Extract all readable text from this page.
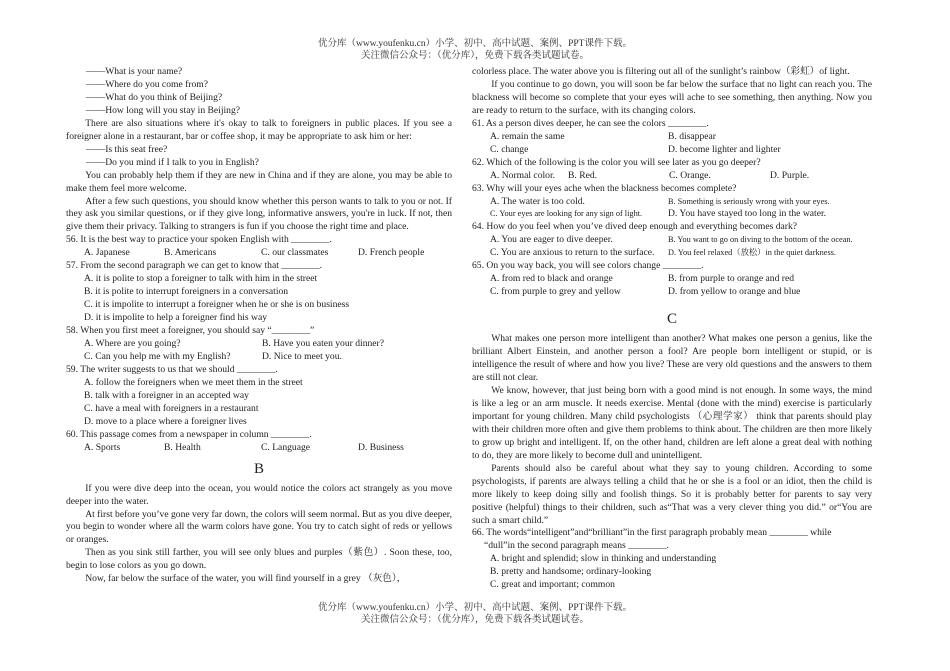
优分库（www.youfenku.cn）小学、初中、高中试题、案例、PPT课件下载。
关注微信公众号：（优分库），免费下载各类试题试卷。

——What is your name?

——Where do you come from?

——What do you think of Beijing?

——How long will you stay in Beijing?

There are also situations where it's okay to talk to foreigners in public places. If you see a foreigner alone in a restaurant, bar or coffee shop, it may be appropriate to ask him or her:

——Is this seat free?

——Do you mind if I talk to you in English?

You can probably help them if they are new in China and if they are alone, you may be able to make them feel more welcome.

After a few such questions, you should know whether this person wants to talk to you or not. If they ask you similar questions, or if they give long, informative answers, you're in luck. If not, then give them their privacy. Talking to strangers is fun if you choose the right time and place.

56. It is the best way to practice your spoken English with ________.

A. Japanese	B. Americans	C. our classmates	D. French people

57. From the second paragraph we can get to know that ________.

A. it is polite to stop a foreigner to talk with him in the street

B. it is polite to interrupt foreigners in a conversation

C. it is impolite to interrupt a foreigner when he or she is on business

D. it is impolite to help a foreigner find his way

58. When you first meet a foreigner, you should say “________”

A. Where are you going?	B. Have you eaten your dinner?
C. Can you help me with my English?	D. Nice to meet you.

59. The writer suggests to us that we should ________.

A. follow the foreigners when we meet them in the street

B. talk with a foreigner in an accepted way

C. have a meal with foreigners in a restaurant

D. move to a place where a foreigner lives

60. This passage comes from a newspaper in column ________.

A. Sports	B. Health	C. Language	D. Business
B

If you were dive deep into the ocean, you would notice the colors act strangely as you move deeper into the water.

At first before you’ve gone very far down, the colors will seem normal. But as you dive deeper, you begin to wonder where all the warm colors have gone. You try to catch sight of reds or yellows or oranges.

Then as you sink still farther, you will see only blues and purples（紫色）. Soon these, too, begin to lose colors as you go down.

Now, far below the surface of the water, you will find yourself in a grey （灰色），

colorless place. The water above you is filtering out all of the sunlight’s rainbow（彩虹）of light.

If you continue to go down, you will soon be far below the surface that no light can reach you. The blackness will become so complete that your eyes will ache to see something, then anything. Now you are ready to return to the surface, with its changing colors.

61. As a person dives deeper, he can see the colors ________.

A. remain the same	B. disappear
C. change	D. become lighter and lighter

62. Which of the following is the color you will see later as you go deeper?

A. Normal color.	B. Red.	C. Orange.	D. Purple.

63. Why will your eyes ache when the blackness becomes complete?

A. The water is too cold.	B. Something is seriously wrong with your eyes.
C. Your eyes are looking for any sign of light.	D. You have stayed too long in the water.

64. How do you feel when you’ve dived deep enough and everything becomes dark?

A. You are eager to dive deeper.	B. You want to go on diving to the bottom of the ocean.
C. You are anxious to return to the surface.	D. You feel relaxed（放松）in the quiet darkness.

65. On you way back, you will see colors change ________.

A. from red to black and orange	B. from purple to orange and red
C. from purple to grey and yellow	D. from yellow to orange and blue
C

What makes one person more intelligent than another? What makes one person a genius, like the brilliant Albert Einstein, and another person a fool? Are people born intelligent or stupid, or is intelligence the result of where and how you live? These are very old questions and the answers to them are still not clear.

We know, however, that just being born with a good mind is not enough. In some ways, the mind is like a leg or an arm muscle. It needs exercise. Mental (done with the mind) exercise is particularly important for young children. Many child psychologists （心理学家） think that parents should play with their children more often and give them problems to think about. The children are then more likely to grow up bright and intelligent. If, on the other hand, children are left alone a great deal with nothing to do, they are more likely to become dull and unintelligent.

Parents should also be careful about what they say to young children. According to some psychologists, if parents are always telling a child that he or she is a fool or an idiot, then the child is more likely to keep doing silly and foolish things. So it is probably better for parents to say very positive (helpful) things to their children, such as“That was a very clever thing you did.” or“You are such a smart child.”

66. The words“intelligent”and“brilliant”in the first paragraph probably mean ________ while

“dull”in the second paragraph means ________.

A. bright and splendid; slow in thinking and understanding

B. pretty and handsome; ordinary-looking

C. great and important; common

优分库（www.youfenku.cn）小学、初中、高中试题、案例、PPT课件下载。
关注微信公众号：（优分库），免费下载各类试题试卷。
